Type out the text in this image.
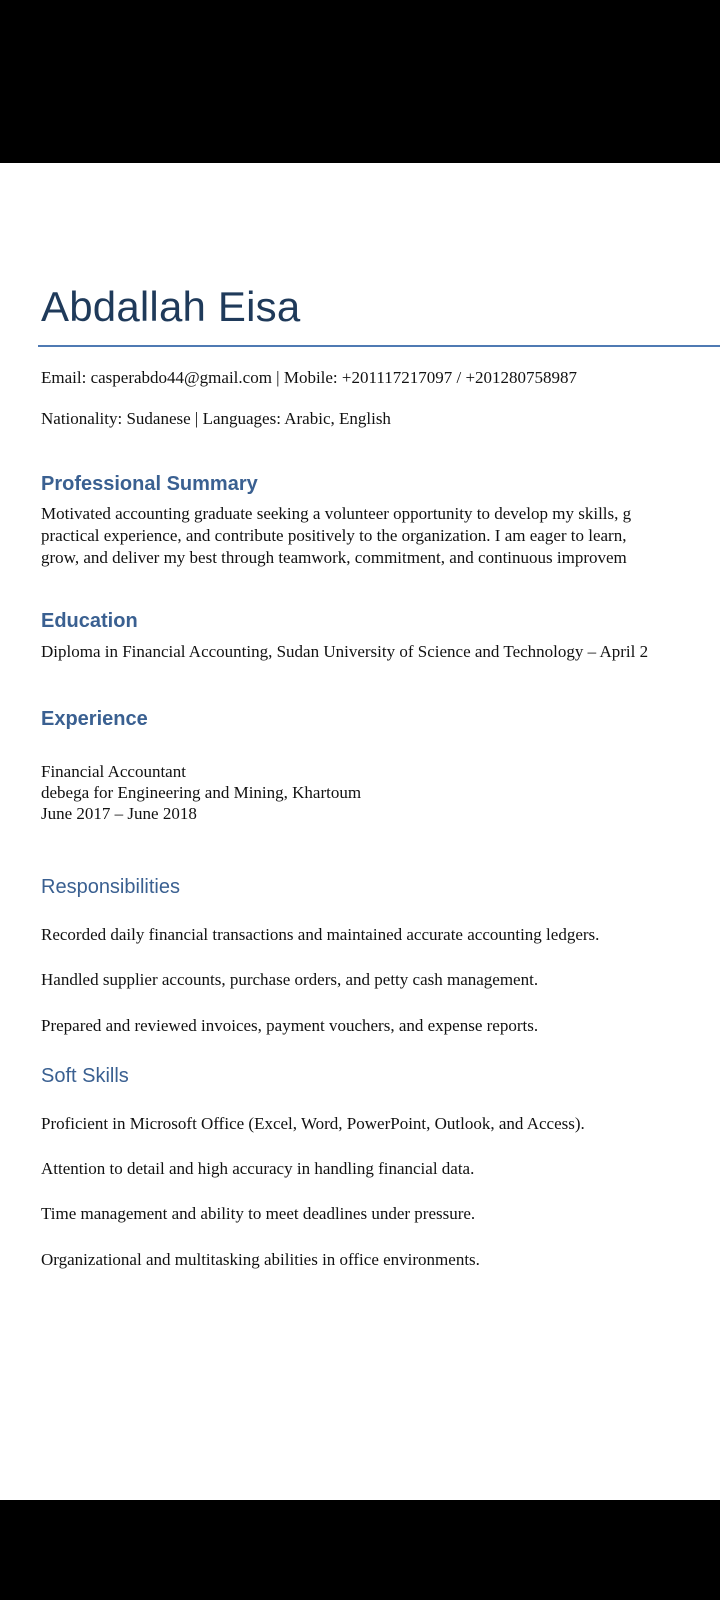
Abdallah Eisa
Email: casperabdo44@gmail.com | Mobile: +201117217097 / +201280758987
Nationality: Sudanese | Languages: Arabic, English
Professional Summary
Motivated accounting graduate seeking a volunteer opportunity to develop my skills, g
practical experience, and contribute positively to the organization. I am eager to learn,
grow, and deliver my best through teamwork, commitment, and continuous improvem
Education
Diploma in Financial Accounting, Sudan University of Science and Technology – April 2
Experience
Financial Accountant
debega for Engineering and Mining, Khartoum
June 2017 – June 2018
Responsibilities
Recorded daily financial transactions and maintained accurate accounting ledgers.
Handled supplier accounts, purchase orders, and petty cash management.
Prepared and reviewed invoices, payment vouchers, and expense reports.
Soft Skills
Proficient in Microsoft Office (Excel, Word, PowerPoint, Outlook, and Access).
Attention to detail and high accuracy in handling financial data.
Time management and ability to meet deadlines under pressure.
Organizational and multitasking abilities in office environments.
